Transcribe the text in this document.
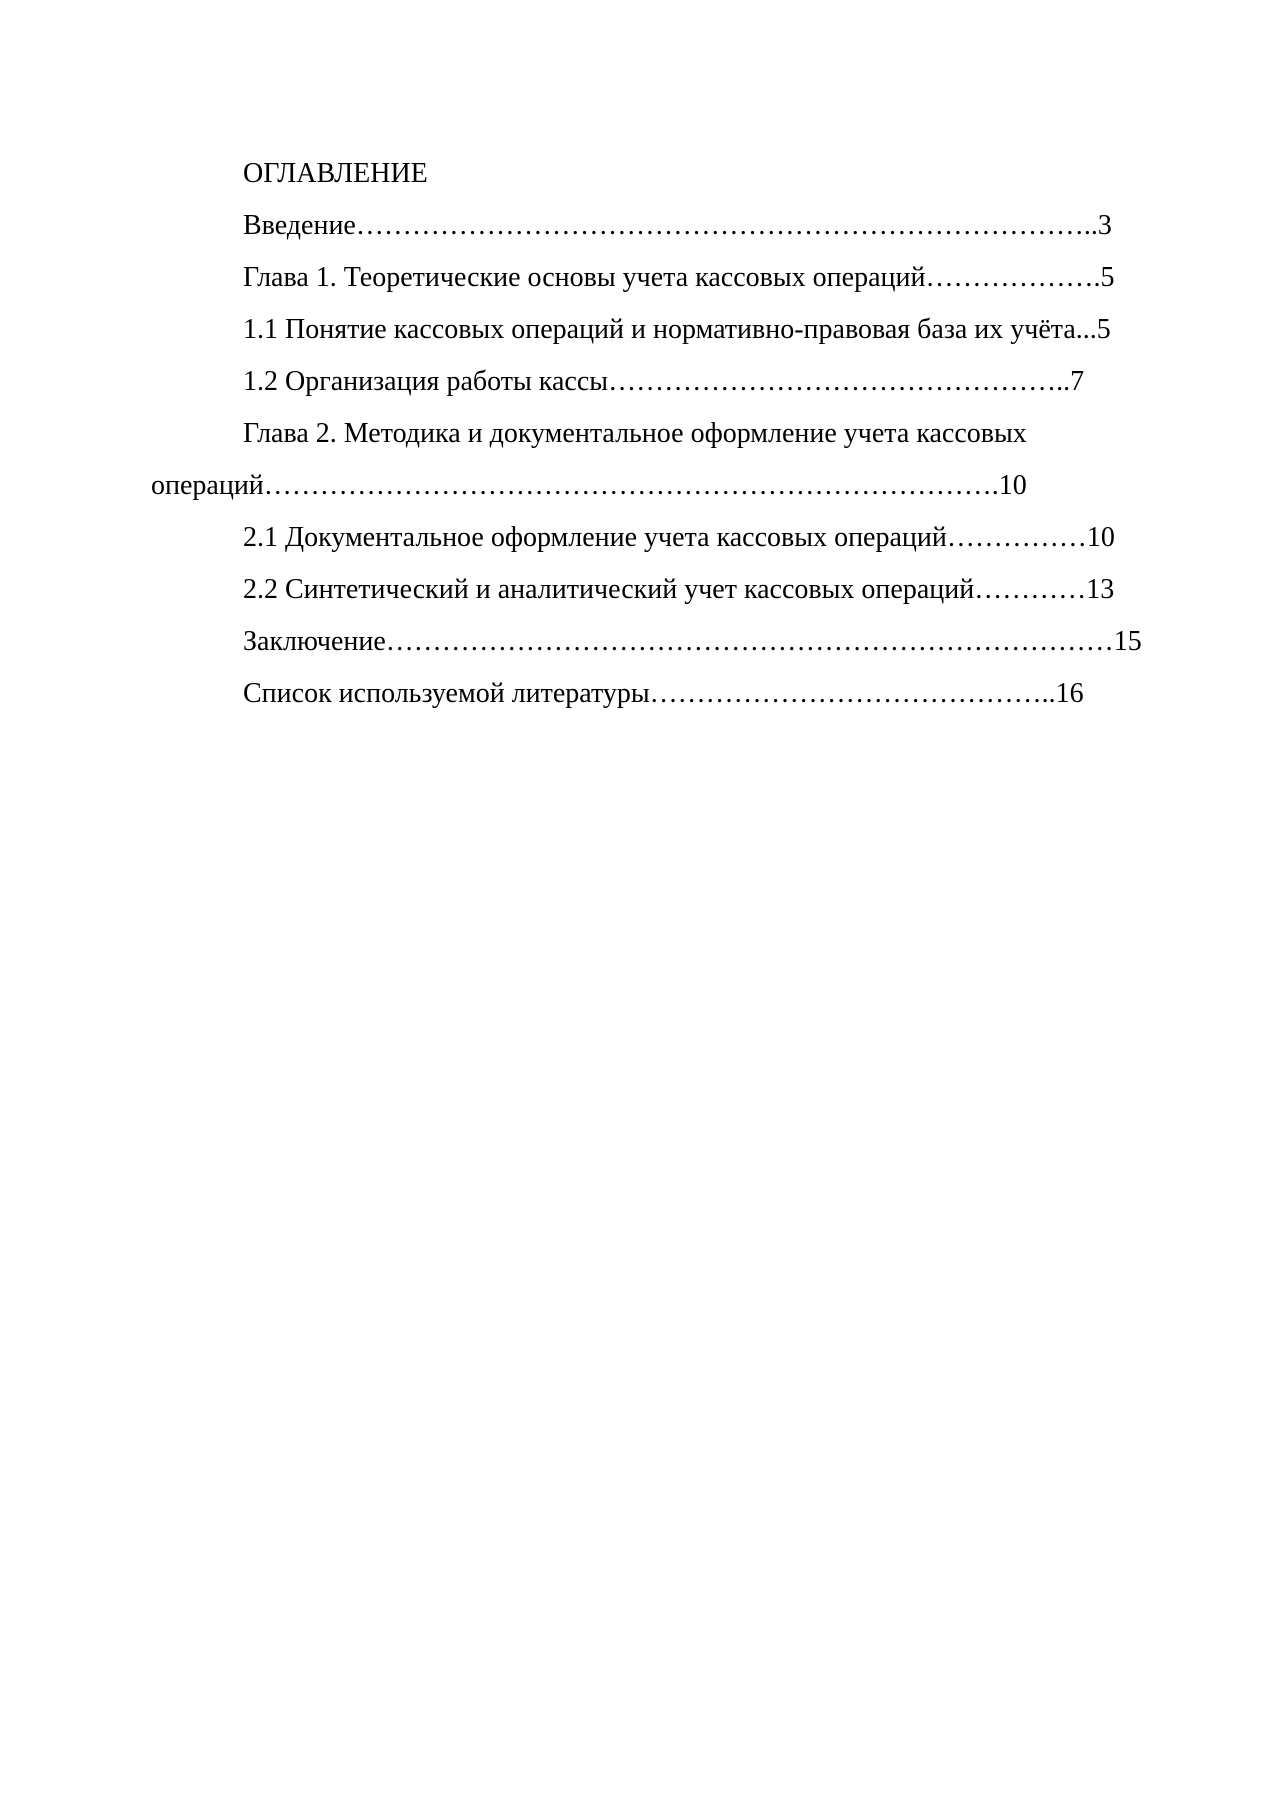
ОГЛАВЛЕНИЕ
Введение……………………………………………………………………..3
Глава 1. Теоретические основы учета кассовых операций……………….5
1.1 Понятие кассовых операций и нормативно-правовая база их учёта...5
1.2 Организация работы кассы…………………………………………..7
Глава 2. Методика и документальное оформление учета кассовых
операций…………………………………………………………………….10
2.1 Документальное оформление учета кассовых операций……………10
2.2 Синтетический и аналитический учет кассовых операций…………13
Заключение……………………………………………………………………15
Список используемой литературы……………………………………..16
